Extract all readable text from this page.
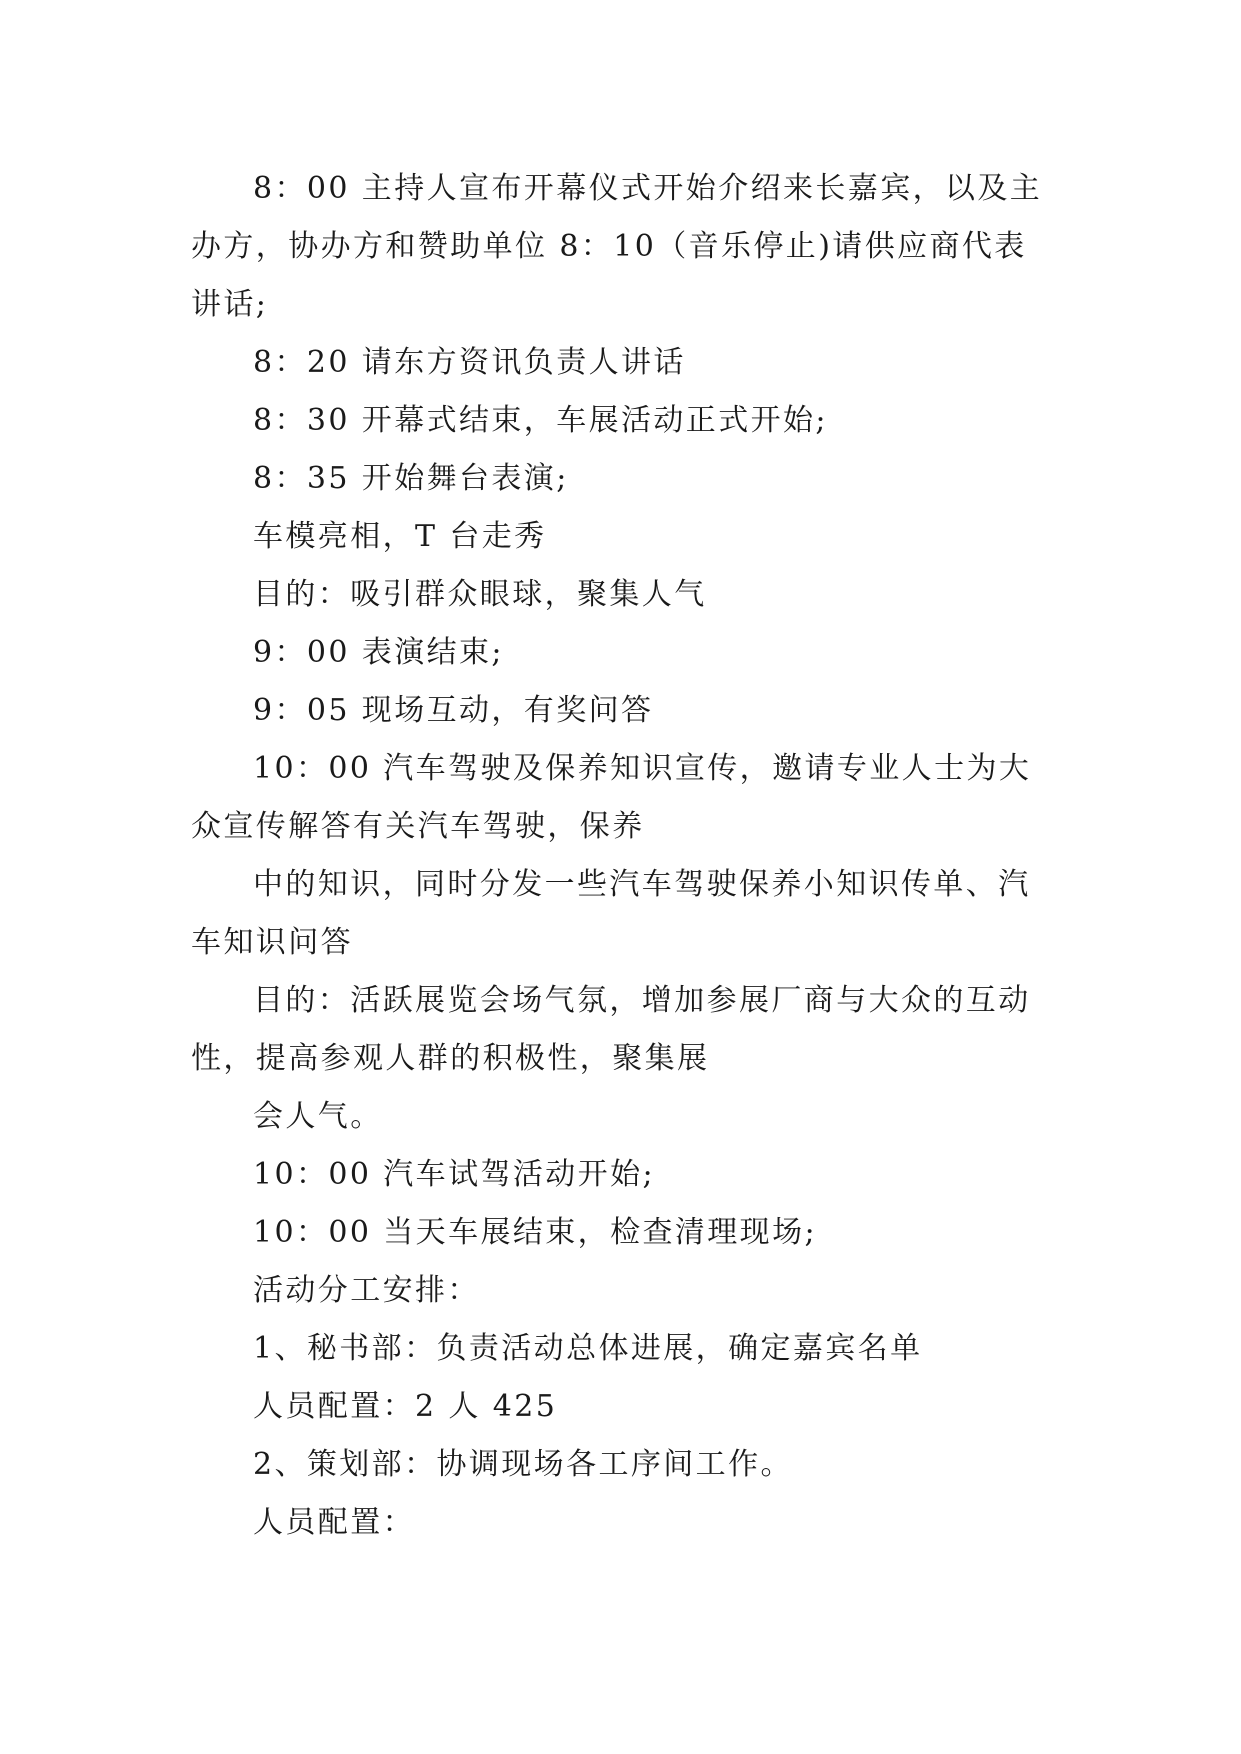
8：00 主持人宣布开幕仪式开始介绍来长嘉宾，以及主办方，协办方和赞助单位 8：10（音乐停止)请供应商代表讲话;

8：20 请东方资讯负责人讲话

8：30 开幕式结束，车展活动正式开始;

8：35 开始舞台表演;

车模亮相，T 台走秀

目的：吸引群众眼球，聚集人气

9：00 表演结束;

9：05 现场互动，有奖问答

10：00 汽车驾驶及保养知识宣传，邀请专业人士为大众宣传解答有关汽车驾驶，保养

中的知识，同时分发一些汽车驾驶保养小知识传单、汽车知识问答

目的：活跃展览会场气氛，增加参展厂商与大众的互动性，提高参观人群的积极性，聚集展

会人气。

10：00 汽车试驾活动开始;

10：00 当天车展结束，检查清理现场;

活动分工安排：

1、秘书部：负责活动总体进展，确定嘉宾名单

人员配置：2 人 425

2、策划部：协调现场各工序间工作。

人员配置：
